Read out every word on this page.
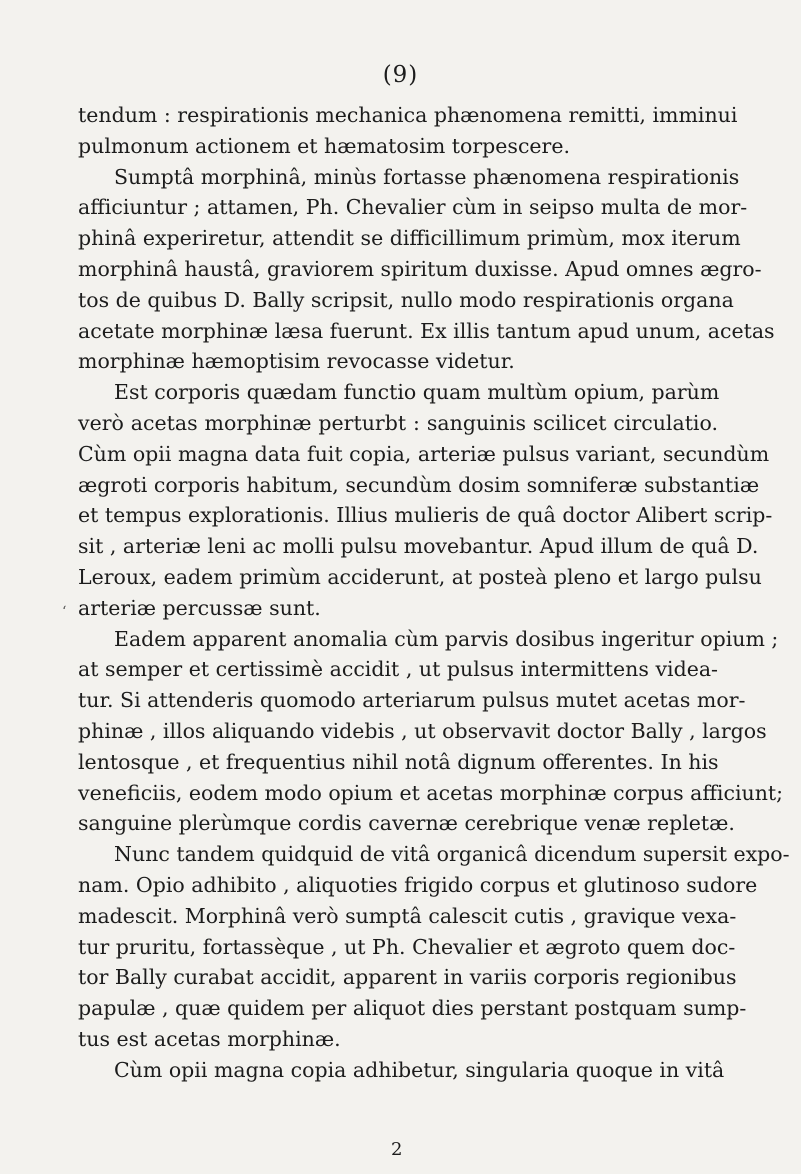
(9)
‘
tendum : respirationis mechanica phænomena remitti, imminui
pulmonum actionem et hæmatosim torpescere.
Sumptâ morphinâ, minùs fortasse phænomena respirationis
afficiuntur ; attamen, Ph. Chevalier cùm in seipso multa de mor-
phinâ experiretur, attendit se difficillimum primùm, mox iterum
morphinâ haustâ, graviorem spiritum duxisse. Apud omnes ægro-
tos de quibus D. Bally scripsit, nullo modo respirationis organa
acetate morphinæ læsa fuerunt. Ex illis tantum apud unum, acetas
morphinæ hæmoptisim revocasse videtur.
Est corporis quædam functio quam multùm opium, parùm
verò acetas morphinæ perturbt : sanguinis scilicet circulatio.
Cùm opii magna data fuit copia, arteriæ pulsus variant, secundùm
ægroti corporis habitum, secundùm dosim somniferæ substantiæ
et tempus explorationis. Illius mulieris de quâ doctor Alibert scrip-
sit , arteriæ leni ac molli pulsu movebantur. Apud illum de quâ D.
Leroux, eadem primùm acciderunt, at posteà pleno et largo pulsu
arteriæ percussæ sunt.
Eadem apparent anomalia cùm parvis dosibus ingeritur opium ;
at semper et certissimè accidit , ut pulsus intermittens videa-
tur. Si attenderis quomodo arteriarum pulsus mutet acetas mor-
phinæ , illos aliquando videbis , ut observavit doctor Bally , largos
lentosque , et frequentius nihil notâ dignum offerentes. In his
veneficiis, eodem modo opium et acetas morphinæ corpus afficiunt;
sanguine plerùmque cordis cavernæ cerebrique venæ repletæ.
Nunc tandem quidquid de vitâ organicâ dicendum supersit expo-
nam. Opio adhibito , aliquoties frigido corpus et glutinoso sudore
madescit. Morphinâ verò sumptâ calescit cutis , gravique vexa-
tur pruritu, fortassèque , ut Ph. Chevalier et ægroto quem doc-
tor Bally curabat accidit, apparent in variis corporis regionibus
papulæ , quæ quidem per aliquot dies perstant postquam sump-
tus est acetas morphinæ.
Cùm opii magna copia adhibetur, singularia quoque in vitâ
2
